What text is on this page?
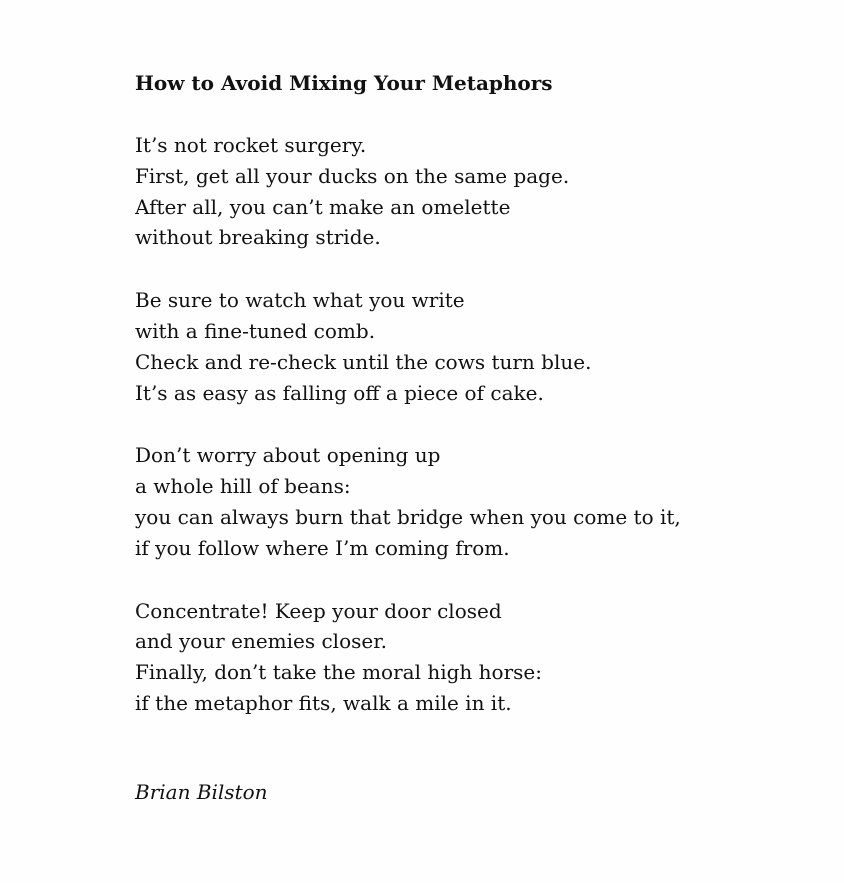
How to Avoid Mixing Your Metaphors
It’s not rocket surgery.
First, get all your ducks on the same page.
After all, you can’t make an omelette
without breaking stride.
Be sure to watch what you write
with a fine-tuned comb.
Check and re-check until the cows turn blue.
It’s as easy as falling off a piece of cake.
Don’t worry about opening up
a whole hill of beans:
you can always burn that bridge when you come to it,
if you follow where I’m coming from.
Concentrate! Keep your door closed
and your enemies closer.
Finally, don’t take the moral high horse:
if the metaphor fits, walk a mile in it.
Brian Bilston
